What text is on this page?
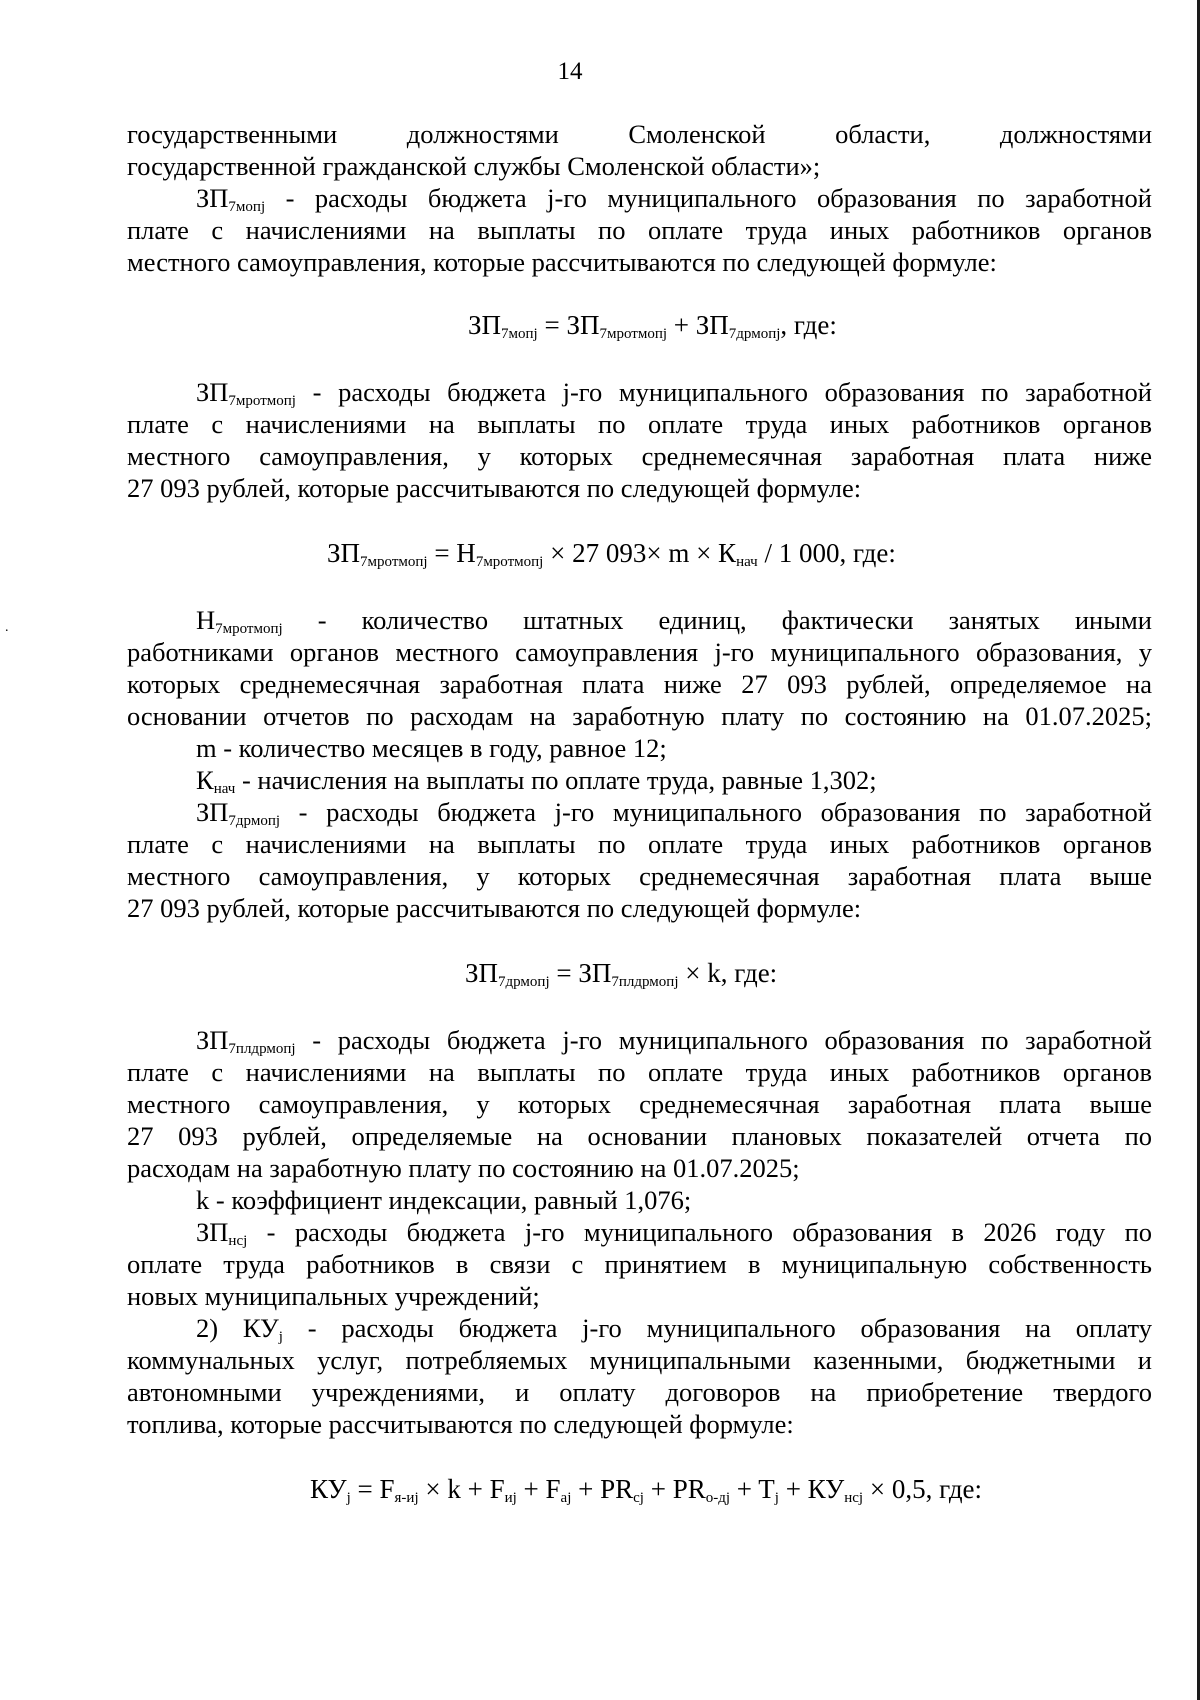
14
.
государственными должностями Смоленской области, должностями
государственной гражданской службы Смоленской области»;
$ЗП_{7мопj}$ - расходы бюджета j-го муниципального образования по заработной
плате с начислениями на выплаты по оплате труда иных работников органов
местного самоуправления, которые рассчитываются по следующей формуле:
$ЗП_{7мопj} = ЗП_{7мротмопj} + ЗП_{7дрмопj}$, где:
$ЗП_{7мротмопj}$ - расходы бюджета j-го муниципального образования по заработной
плате с начислениями на выплаты по оплате труда иных работников органов
местного самоуправления, у которых среднемесячная заработная плата ниже
27 093 рублей, которые рассчитываются по следующей формуле:
$ЗП_{7мротмопj} = Н_{7мротмопj} \times 27$ $093\times m \times К_{нач} / 1$ 000, где:
$Н_{7мротмопj}$ - количество штатных единиц, фактически занятых иными
работниками органов местного самоуправления j-го муниципального образования, у
которых среднемесячная заработная плата ниже 27 093 рублей, определяемое на
основании отчетов по расходам на заработную плату по состоянию на 01.07.2025;
m - количество месяцев в году, равное 12;
$К_{нач}$ - начисления на выплаты по оплате труда, равные 1,302;
$ЗП_{7дрмопj}$ - расходы бюджета j-го муниципального образования по заработной
плате с начислениями на выплаты по оплате труда иных работников органов
местного самоуправления, у которых среднемесячная заработная плата выше
27 093 рублей, которые рассчитываются по следующей формуле:
$ЗП_{7дрмопj} = ЗП_{7плдрмопj} \times k$, где:
$ЗП_{7плдрмопj}$ - расходы бюджета j-го муниципального образования по заработной
плате с начислениями на выплаты по оплате труда иных работников органов
местного самоуправления, у которых среднемесячная заработная плата выше
27 093 рублей, определяемые на основании плановых показателей отчета по
расходам на заработную плату по состоянию на 01.07.2025;
k - коэффициент индексации, равный 1,076;
$ЗП_{нсj}$ - расходы бюджета j-го муниципального образования в 2026 году по
оплате труда работников в связи с принятием в муниципальную собственность
новых муниципальных учреждений;
2) $КУ_j$ - расходы бюджета j-го муниципального образования на оплату
коммунальных услуг, потребляемых муниципальными казенными, бюджетными и
автономными учреждениями, и оплату договоров на приобретение твердого
топлива, которые рассчитываются по следующей формуле:
$КУ_j = F_{я-иj} \times k + F_{иj} + F_{аj} + PR_{сj} + PR_{о-дj} + T_j + КУ_{нсj} \times 0,5$, где:
